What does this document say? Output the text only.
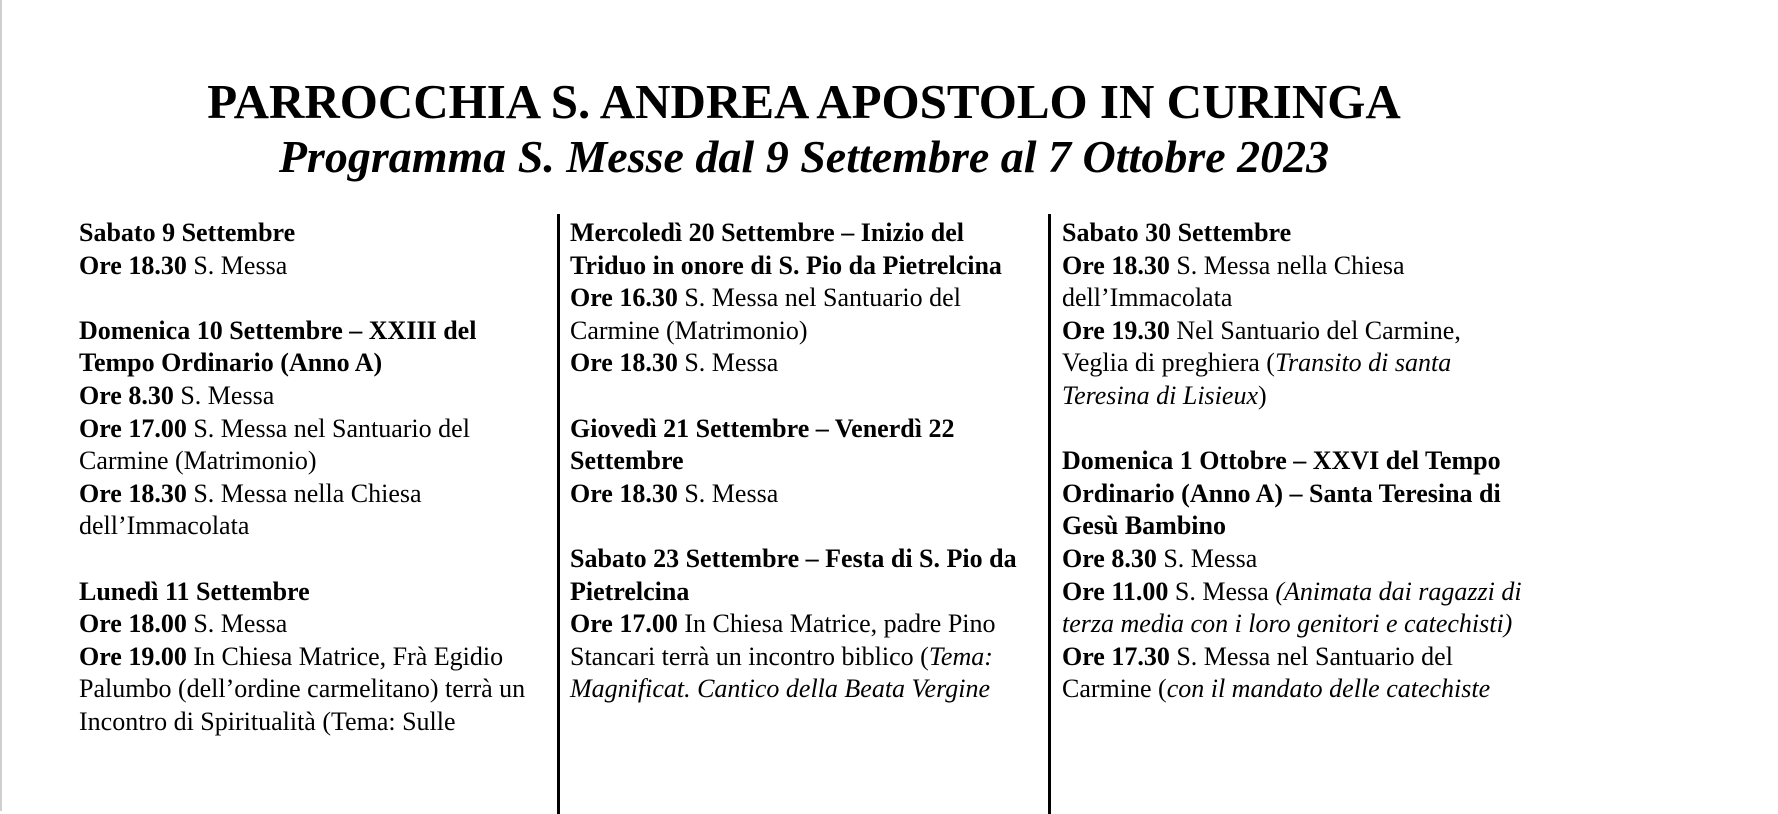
PARROCCHIA S. ANDREA APOSTOLO IN CURINGA
Programma S. Messe dal 9 Settembre al 7 Ottobre 2023
Sabato 9 Settembre
Ore 18.30 S. Messa
Domenica 10 Settembre – XXIII del Tempo Ordinario (Anno A)
Ore 8.30 S. Messa
Ore 17.00 S. Messa nel Santuario del Carmine (Matrimonio)
Ore 18.30 S. Messa nella Chiesa dell’Immacolata
Lunedì 11 Settembre
Ore 18.00 S. Messa
Ore 19.00 In Chiesa Matrice, Frà Egidio Palumbo (dell’ordine carmelitano) terrà un Incontro di Spiritualità (Tema: Sulle
Mercoledì 20 Settembre – Inizio del Triduo in onore di S. Pio da Pietrelcina
Ore 16.30 S. Messa nel Santuario del Carmine (Matrimonio)
Ore 18.30 S. Messa
Giovedì 21 Settembre – Venerdì 22 Settembre
Ore 18.30 S. Messa
Sabato 23 Settembre – Festa di S. Pio da Pietrelcina
Ore 17.00 In Chiesa Matrice, padre Pino Stancari terrà un incontro biblico (Tema: Magnificat. Cantico della Beata Vergine
Sabato 30 Settembre
Ore 18.30 S. Messa nella Chiesa dell’Immacolata
Ore 19.30 Nel Santuario del Carmine, Veglia di preghiera (Transito di santa Teresina di Lisieux)
Domenica 1 Ottobre – XXVI del Tempo Ordinario (Anno A) – Santa Teresina di Gesù Bambino
Ore 8.30 S. Messa
Ore 11.00 S. Messa (Animata dai ragazzi di terza media con i loro genitori e catechisti)
Ore 17.30 S. Messa nel Santuario del Carmine (con il mandato delle catechiste
